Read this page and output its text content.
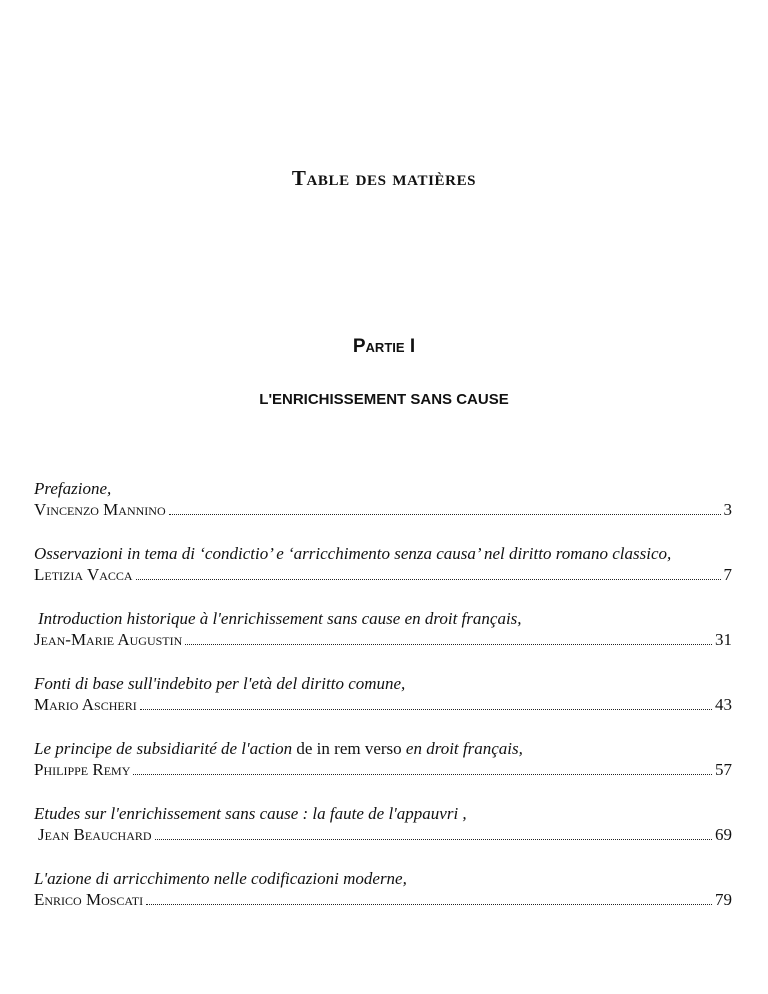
Table des matières
Partie I
L'ENRICHISSEMENT SANS CAUSE
Prefazione,
Vincenzo Mannino	3
Osservazioni in tema di ‘condictio’ e ‘arricchimento senza causa’ nel diritto romano classico,
Letizia Vacca	7
Introduction historique à l'enrichissement sans cause en droit français,
Jean-Marie Augustin	31
Fonti di base sull'indebito per l'età del diritto comune,
Mario Ascheri	43
Le principe de subsidiarité de l'action de in rem verso en droit français,
Philippe Remy	57
Etudes sur l'enrichissement sans cause : la faute de l'appauvri ,
Jean Beauchard	69
L'azione di arricchimento nelle codificazioni moderne,
Enrico Moscati	79
